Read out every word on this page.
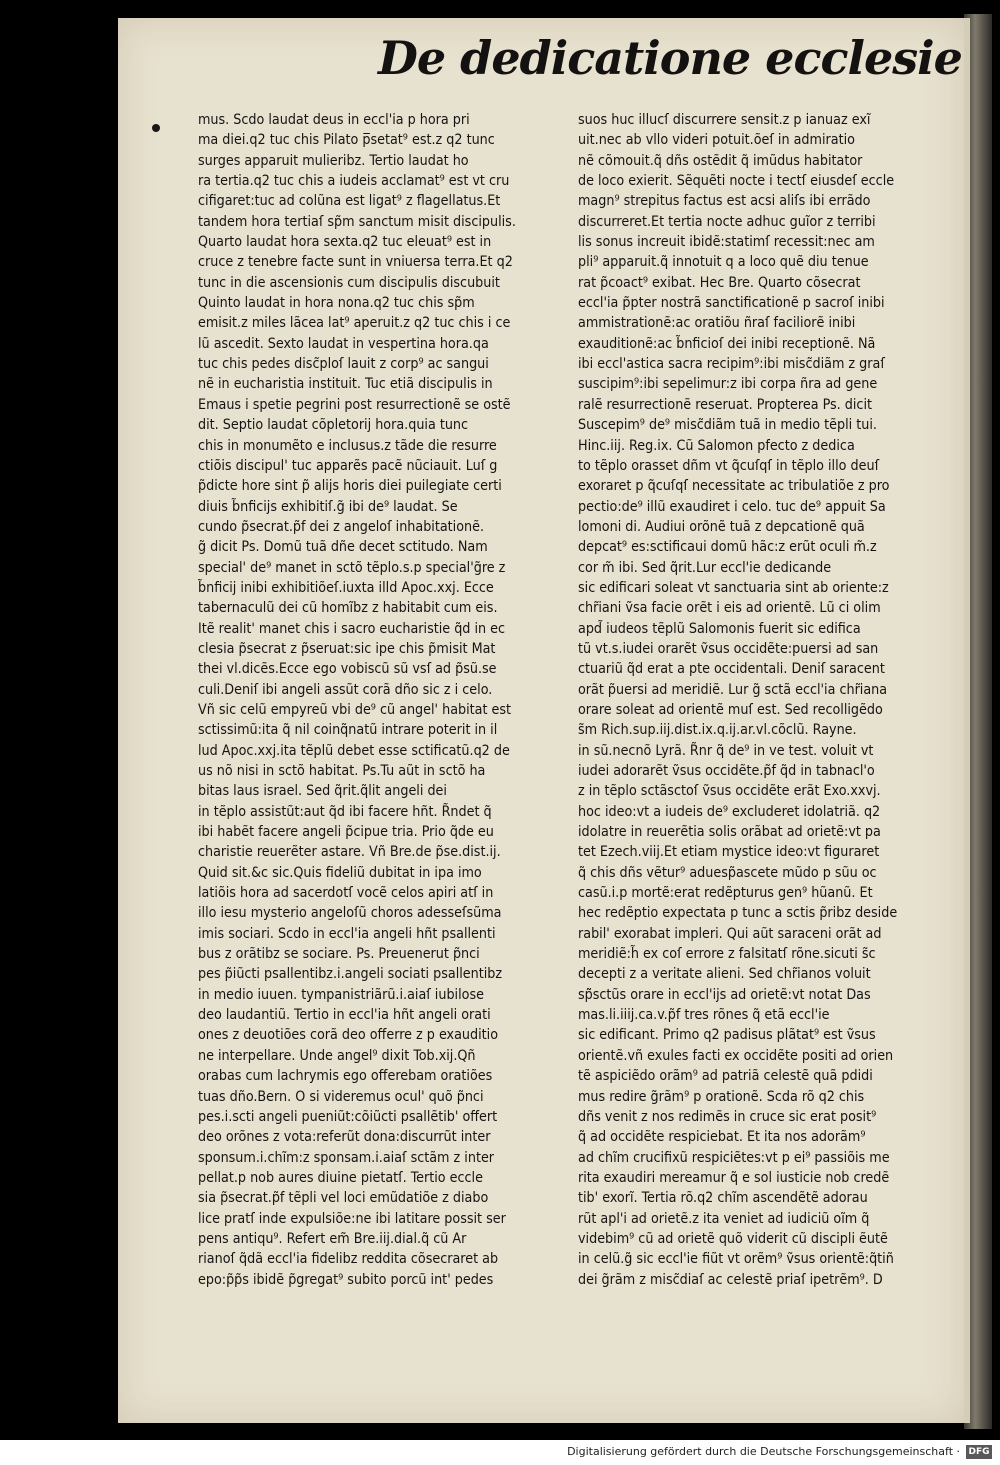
De dedicatione ecclesie
mus. Scdo laudat deus in eccl'ia p hora pri
ma diei.q2 tuc chis Pilato p̅setat⁹ est.z q2 tunc
surges apparuit mulieribz. Tertio laudat ho
ra tertia.q2 tuc chis a iudeis acclamat⁹ est vt cru
cifigaret:tuc ad colũna est ligat⁹ z flagellatus.Et
tandem hora tertiaſ sp̃m sanctum misit discipulis.
Quarto laudat hora sexta.q2 tuc eleuat⁹ est in
cruce z tenebre facte sunt in vniuersa terra.Et q2
tunc in die ascensionis cum discipulis discubuit
Quinto laudat in hora nona.q2 tuc chis sp̃m
emisit.z miles lãcea lat⁹ aperuit.z q2 tuc chis i ce
lũ ascedit. Sexto laudat in vespertina hora.qa
tuc chis pedes disc̃ploſ lauit z corp⁹ ac sangui
nẽ in eucharistia instituit. Tuc etiã discipulis in
Emaus i spetie pegrini post resurrectionẽ se ostẽ
dit. Septio laudat cõpletorij hora.quia tunc
chis in monumẽto e inclusus.z tãde die resurre
ctiõis discipul' tuc apparẽs pacẽ nũciauit. Luſ g
p̃dicte hore sint p̃ alijs horis diei puilegiate certi
diuis b̃nficijs exhibitiſ.g̃ ibi de⁹ laudat. Se
cundo p̃secrat.p̃f dei z angeloſ inhabitationẽ.
g̃ dicit Ps. Domũ tuã dñe decet sctitudo. Nam
special' de⁹ manet in sctõ tẽplo.s.p special'g̃re z
b̃nficij inibi exhibitiõeſ.iuxta illd Apoc.xxj. Ecce
tabernaculũ dei cũ homĩbz z habitabit cum eis.
Itẽ realit' manet chis i sacro eucharistie q̃d in ec
clesia p̃secrat z p̃seruat:sic ipe chis p̃misit Mat
thei vl.dicẽs.Ecce ego vobiscũ sũ vsſ ad p̃sũ.se
culi.Deniſ ibi angeli assũt corã dño sic z i celo.
Vñ sic celũ empyreũ vbi de⁹ cũ angel' habitat est
sctissimũ:ita q̃ nil coinq̃natũ intrare poterit in il
lud Apoc.xxj.ita tẽplũ debet esse sctificatũ.q2 de
us nõ nisi in sctõ habitat. Ps.Tu aũt in sctõ ha
bitas laus israel. Sed q̃rit.q̃lit angeli dei
in tẽplo assistũt:aut q̃d ibi facere hñt. R̃ndet q̃
ibi habẽt facere angeli p̃cipue tria. Prio q̃de eu
charistie reuerẽter astare. Vñ Bre.de p̃se.dist.ij.
Quid sit.&c sic.Quis fideliũ dubitat in ipa imo
latiõis hora ad sacerdotſ vocẽ celos apiri atſ in
illo iesu mysterio angeloſũ choros adesseſsũma
imis sociari. Scdo in eccl'ia angeli hñt psallenti
bus z orãtibz se sociare. Ps. Preuenerut p̃nci
pes p̃iũcti psallentibz.i.angeli sociati psallentibz
in medio iuuen. tympanistriãrũ.i.aiaſ iubilose
deo laudantiũ. Tertio in eccl'ia hñt angeli orati
ones z deuotiões corã deo offerre z p exauditio
ne interpellare. Unde angel⁹ dixit Tob.xij.Qñ
orabas cum lachrymis ego offerebam oratiões
tuas dño.Bern. O si videremus ocul' quõ p̃nci
pes.i.scti angeli pueniũt:cõiũcti psallẽtib' offert
deo orõnes z vota:referũt dona:discurrũt inter
sponsum.i.chĩm:z sponsam.i.aiaſ sctãm z inter
pellat.p nob aures diuine pietatſ. Tertio eccle
sia p̃secrat.p̃f tẽpli vel loci emũdatiõe z diabo
lice pratſ inde expulsiõe:ne ibi latitare possit ser
pens antiqu⁹. Refert em̃ Bre.iij.dial.q̃ cũ Ar
rianoſ q̃dã eccl'ia fidelibz reddita cõsecraret ab
epo:p̃p̃s ibidẽ p̃gregat⁹ subito porcũ int' pedes
suos huc illucſ discurrere sensit.z p ianuaz exĩ
uit.nec ab vllo videri potuit.õeſ in admiratio
nẽ cõmouit.q̃ dñs ostẽdit q̃ imũdus habitator
de loco exierit. Sẽquẽti nocte i tectſ eiusdeſ eccle
magn⁹ strepitus factus est acsi aliſs ibi errãdo
discurreret.Et tertia nocte adhuc guĩor z terribi
lis sonus increuit ibidẽ:statimſ recessit:nec am
pli⁹ apparuit.q̃ innotuit q a loco quẽ diu tenue
rat p̃coact⁹ exibat. Hec Bre. Quarto cõsecrat
eccl'ia p̃pter nostrã sanctificationẽ p sacroſ inibi
ammistrationẽ:ac oratiõu ñraſ faciliorẽ inibi
exauditionẽ:ac b̃nficioſ dei inibi receptionẽ. Nã
ibi eccl'astica sacra recipim⁹:ibi misc̃diãm z graſ
suscipim⁹:ibi sepelimur:z ibi corpa ñra ad gene
ralẽ resurrectionẽ reseruat. Propterea Ps. dicit
Suscepim⁹ de⁹ misc̃diãm tuã in medio tẽpli tui.
Hinc.iij. Reg.ix. Cũ Salomon pfecto z dedica
to tẽplo orasset dñm vt q̃cuſqſ in tẽplo illo deuſ
exoraret p q̃cuſqſ necessitate ac tribulatiõe z pro
pectio:de⁹ illũ exaudiret i celo. tuc de⁹ appuit Sa
lomoni di. Audiui orõnẽ tuã z depcationẽ quã
depcat⁹ es:sctificaui domũ hãc:z erũt oculi m̃.z
cor m̃ ibi. Sed q̃rit.Lur eccl'ie dedicande
sic edificari soleat vt sanctuaria sint ab oriente:z
chr̃iani ṽsa facie orẽt i eis ad orientẽ. Lũ ci olim
apd̃ iudeos tẽplũ Salomonis fuerit sic edifica
tũ vt.s.iudei orarẽt ṽsus occidẽte:puersi ad san
ctuariũ q̃d erat a pte occidentali. Deniſ saracent
orãt p̃uersi ad meridiẽ. Lur g̃ sctã eccl'ia chr̃iana
orare soleat ad orientẽ muſ est. Sed recolligẽdo
s̃m Rich.sup.iij.dist.ix.q.ij.ar.vl.cõclũ. Rayne.
in sũ.necnõ Lyrã. R̃nr q̃ de⁹ in ve test. voluit vt
iudei adorarẽt ṽsus occidẽte.p̃f q̃d in tabnacl'o
z in tẽplo sctãsctoſ ṽsus occidẽte erãt Exo.xxvj.
hoc ideo:vt a iudeis de⁹ excluderet idolatriã. q2
idolatre in reuerẽtia solis orãbat ad orietẽ:vt pa
tet Ezech.viij.Et etiam mystice ideo:vt figuraret
q̃ chis dñs vẽtur⁹ aduesp̃ascete mũdo p sũu oc
casũ.i.p mortẽ:erat redẽpturus gen⁹ hũanũ. Et
hec redẽptio expectata p tunc a sctis p̃ribz deside
rabil' exorabat impleri. Qui aũt saraceni orãt ad
meridiẽ:h̃ ex coſ errore z falsitatſ rõne.sicuti s̃c
decepti z a veritate alieni. Sed chr̃ianos voluit
sp̃̃sctũs orare in eccl'ijs ad orietẽ:vt notat Das
mas.li.iiij.ca.v.p̃f tres rõnes q̃ etã eccl'ie
sic edificant. Primo q2 padisus plãtat⁹ est ṽsus
orientẽ.vñ exules facti ex occidẽte positi ad orien
tẽ aspiciẽdo orãm⁹ ad patriã celestẽ quã pdidi
mus redire g̃rãm⁹ p orationẽ. Scda rõ q2 chis
dñs venit z nos redimẽs in cruce sic erat posit⁹
q̃ ad occidẽte respiciebat. Et ita nos adorãm⁹
ad chĩm crucifixũ respiciẽtes:vt p ei⁹ passiõis me
rita exaudiri mereamur q̃ e sol iusticie nob credẽ
tib' exorĩ. Tertia rõ.q2 chĩm ascendẽtẽ adorau
rũt apl'i ad orietẽ.z ita veniet ad iudiciũ oĩm q̃
videbim⁹ cũ ad orietẽ quõ viderit cũ discipli ẽutẽ
in celũ.g̃ sic eccl'ie fiũt vt orẽm⁹ ṽsus orientẽ:q̃tiñ
dei g̃rãm z misc̃diaſ ac celestẽ priaſ ipetrẽm⁹. D
Digitalisierung gefördert durch die Deutsche Forschungsgemeinschaft · DFG
